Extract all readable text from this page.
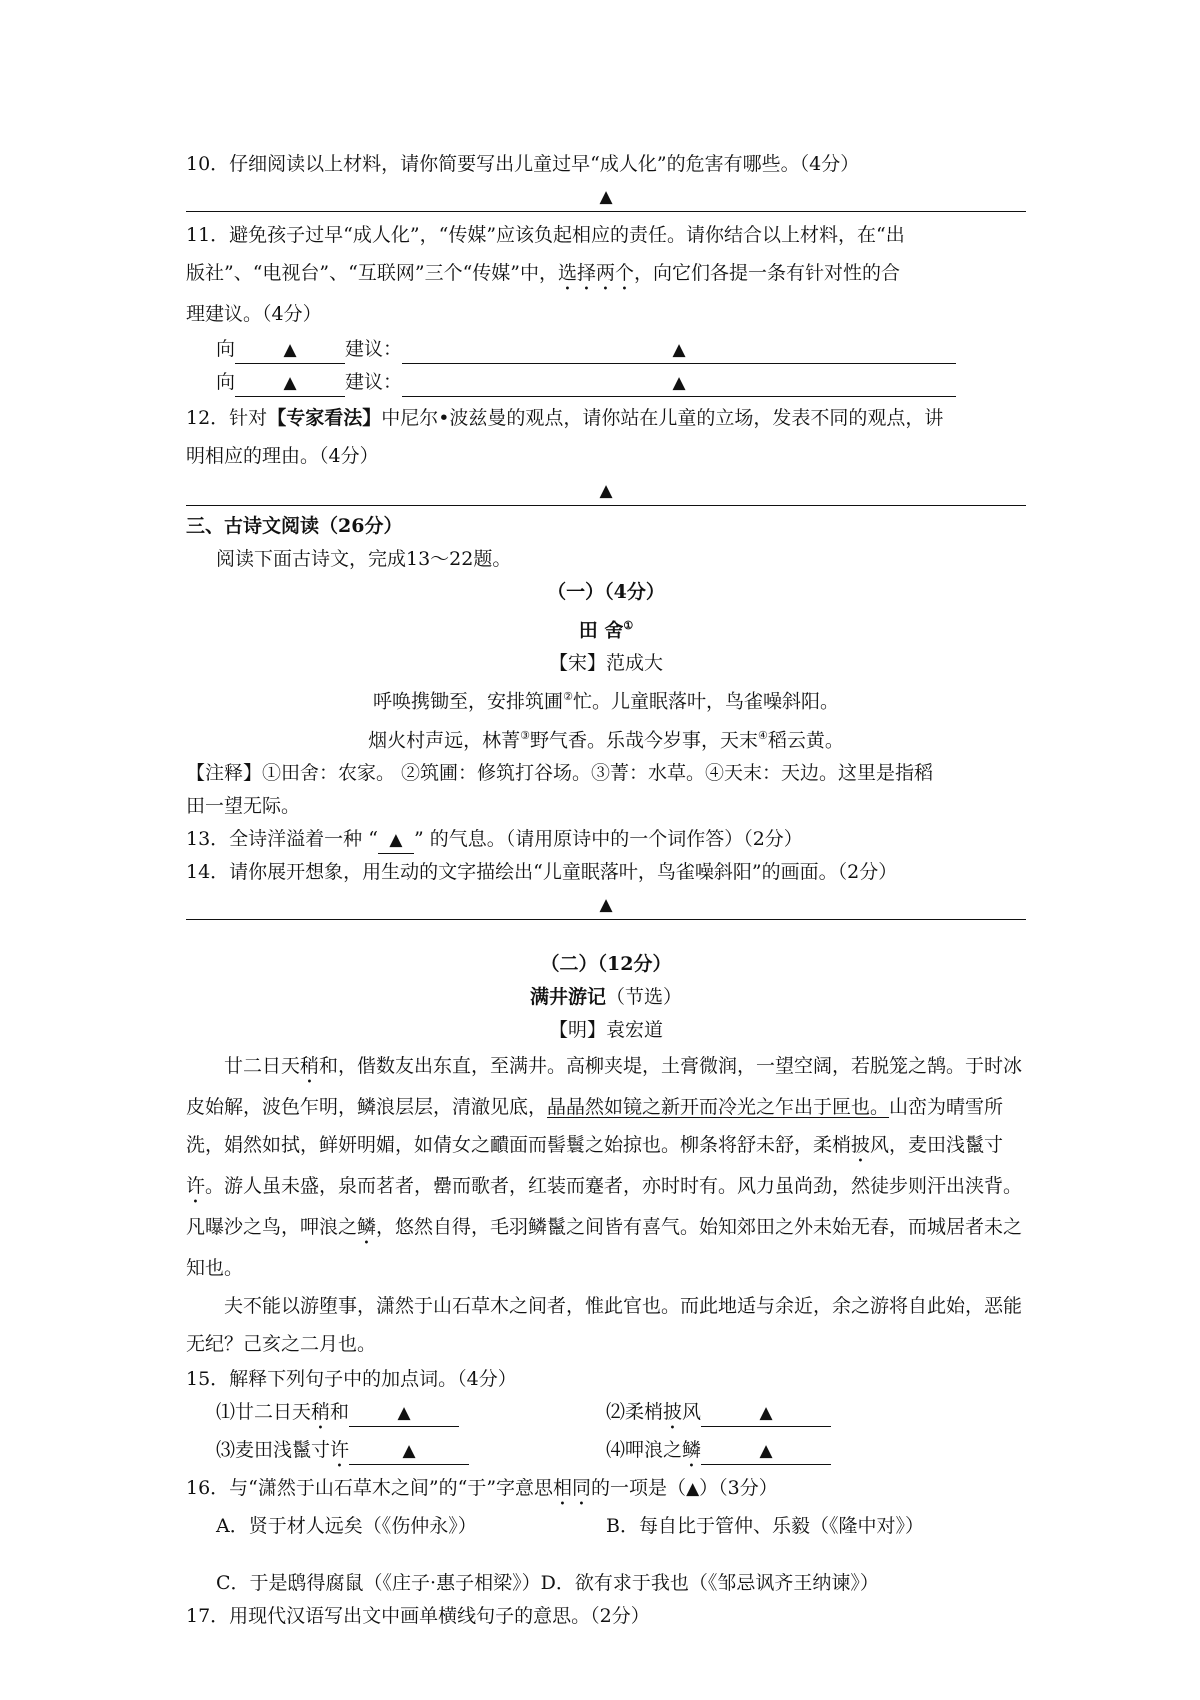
10．仔细阅读以上材料，请你简要写出儿童过早“成人化”的危害有哪些。（4分）
▲
11．避免孩子过早“成人化”，“传媒”应该负起相应的责任。请你结合以上材料，在“出
版社”、“电视台”、“互联网”三个“传媒”中，选择两个，向它们各提一条有针对性的合
理建议。（4分）
向	▲	建议：	▲
向	▲	建议：	▲
12．针对【专家看法】中尼尔•波兹曼的观点，请你站在儿童的立场，发表不同的观点，讲
明相应的理由。（4分）
▲
三、古诗文阅读（26分）
阅读下面古诗文，完成13～22题。
（一）（4分）
田 舍①
【宋】范成大
呼唤携锄至，安排筑圃②忙。儿童眠落叶，鸟雀噪斜阳。
烟火村声远，林菁③野气香。乐哉今岁事，天末④稻云黄。
【注释】①田舍：农家。 ②筑圃：修筑打谷场。③菁：水草。④天末：天边。这里是指稻
田一望无际。
13．全诗洋溢着一种 “ ▲ ” 的气息。（请用原诗中的一个词作答）（2分）
14．请你展开想象，用生动的文字描绘出“儿童眠落叶，鸟雀噪斜阳”的画面。（2分）
▲
（二）（12分）
满井游记（节选）
【明】袁宏道
廿二日天稍和，偕数友出东直，至满井。高柳夹堤，土膏微润，一望空阔，若脱笼之鹄。于时冰皮始解，波色乍明，鳞浪层层，清澈见底，晶晶然如镜之新开而冷光之乍出于匣也。山峦为晴雪所洗，娟然如拭，鲜妍明媚，如倩女之靧面而髻鬟之始掠也。柳条将舒未舒，柔梢披风，麦田浅鬣寸许。游人虽未盛，泉而茗者，罍而歌者，红装而蹇者，亦时时有。风力虽尚劲，然徒步则汗出浃背。凡曝沙之鸟，呷浪之鳞，悠然自得，毛羽鳞鬣之间皆有喜气。始知郊田之外未始无春，而城居者未之知也。
夫不能以游堕事，潇然于山石草木之间者，惟此官也。而此地适与余近，余之游将自此始，恶能无纪？己亥之二月也。
15．解释下列句子中的加点词。（4分）
⑴廿二日天稍和	▲	⑵柔梢披风	▲
⑶麦田浅鬣寸许	▲	⑷呷浪之鳞	▲
16．与“潇然于山石草木之间”的“于”字意思相同的一项是（▲）（3分）
A．贤于材人远矣（《伤仲永》）	B．每自比于管仲、乐毅（《隆中对》）
C．于是鸱得腐鼠（《庄子·惠子相梁》）D．欲有求于我也（《邹忌讽齐王纳谏》）
17．用现代汉语写出文中画单横线句子的意思。（2分）
